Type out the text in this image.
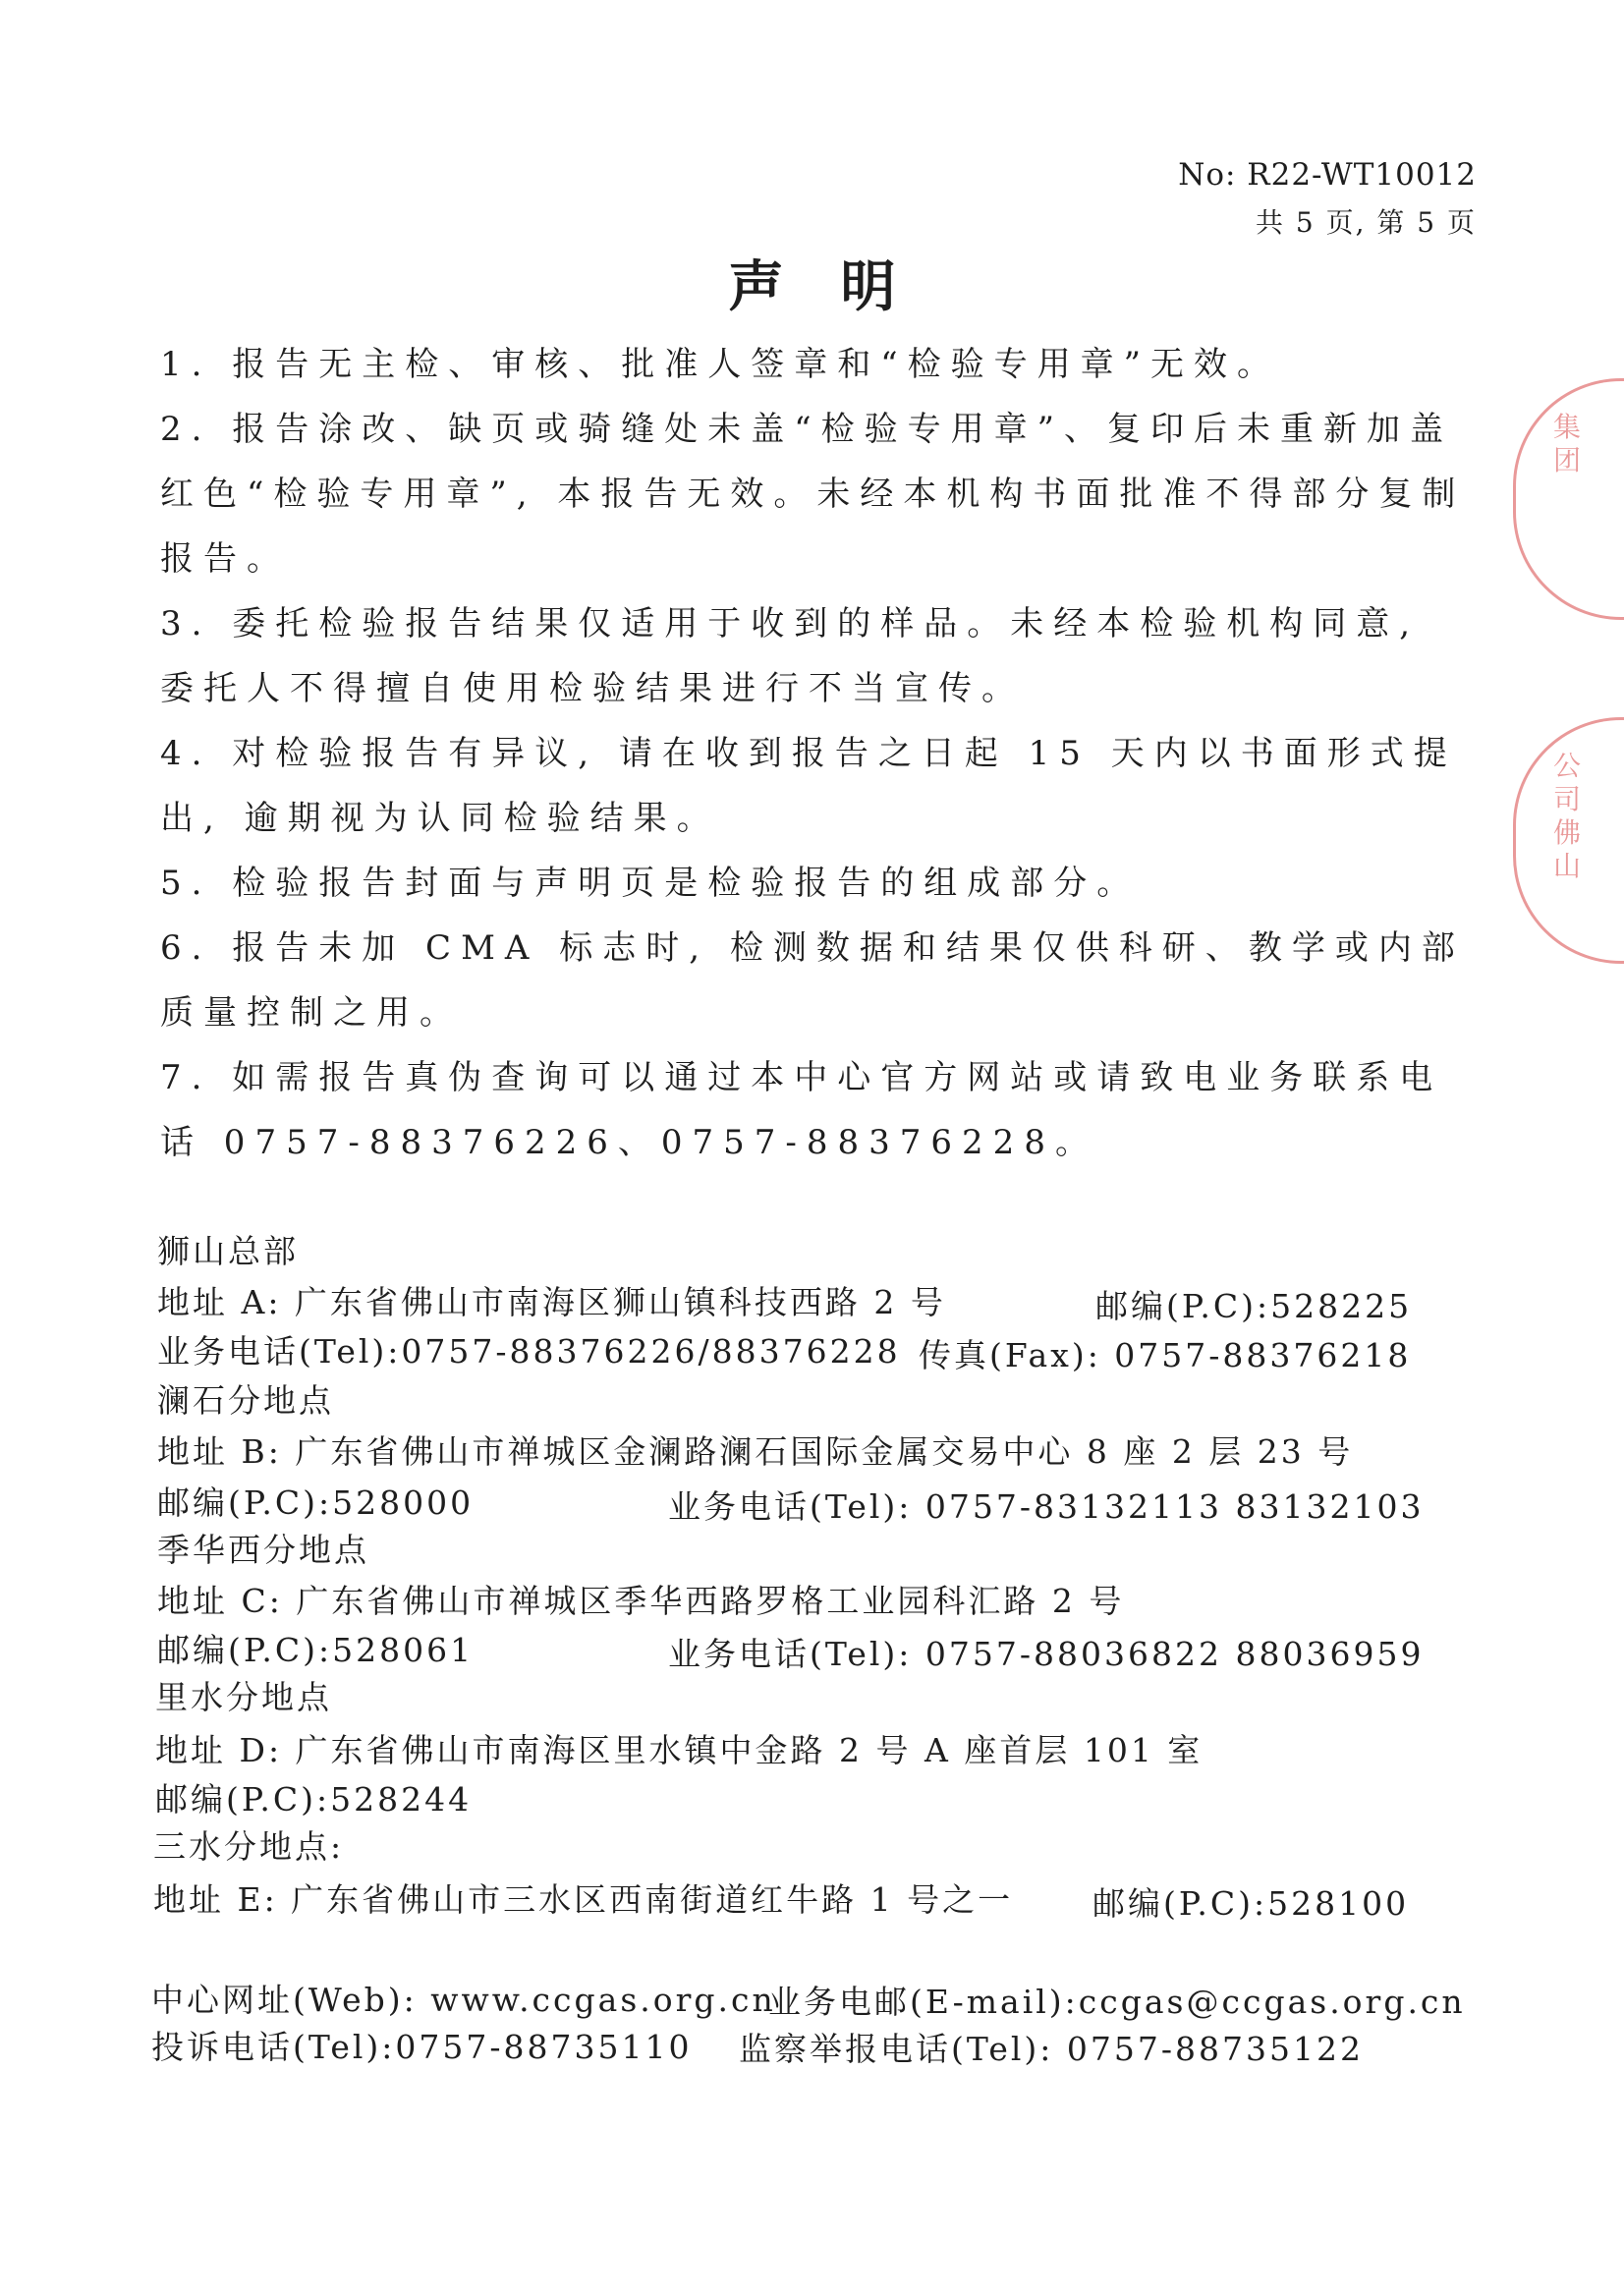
集团
公司佛山
No: R22-WT10012
共 5 页, 第 5 页
声明
1. 报告无主检、审核、批准人签章和“检验专用章”无效。
2. 报告涂改、缺页或骑缝处未盖“检验专用章”、复印后未重新加盖红色“检验专用章”, 本报告无效。未经本机构书面批准不得部分复制报告。
3. 委托检验报告结果仅适用于收到的样品。未经本检验机构同意, 委托人不得擅自使用检验结果进行不当宣传。
4. 对检验报告有异议, 请在收到报告之日起 15 天内以书面形式提出, 逾期视为认同检验结果。
5. 检验报告封面与声明页是检验报告的组成部分。
6. 报告未加 CMA 标志时, 检测数据和结果仅供科研、教学或内部质量控制之用。
7. 如需报告真伪查询可以通过本中心官方网站或请致电业务联系电话 0757-88376226、0757-88376228。
狮山总部
地址 A: 广东省佛山市南海区狮山镇科技西路 2 号	邮编(P.C):528225
业务电话(Tel):0757-88376226/88376228 传真(Fax): 0757-88376218
澜石分地点
地址 B: 广东省佛山市禅城区金澜路澜石国际金属交易中心 8 座 2 层 23 号
邮编(P.C):528000	业务电话(Tel): 0757-83132113 83132103
季华西分地点
地址 C: 广东省佛山市禅城区季华西路罗格工业园科汇路 2 号
邮编(P.C):528061	业务电话(Tel): 0757-88036822 88036959
里水分地点
地址 D: 广东省佛山市南海区里水镇中金路 2 号 A 座首层 101 室
邮编(P.C):528244
三水分地点:
地址 E: 广东省佛山市三水区西南街道红牛路 1 号之一 邮编(P.C):528100
中心网址(Web): www.ccgas.org.cn
业务电邮(E-mail):ccgas@ccgas.org.cn
投诉电话(Tel):0757-88735110 监察举报电话(Tel): 0757-88735122
